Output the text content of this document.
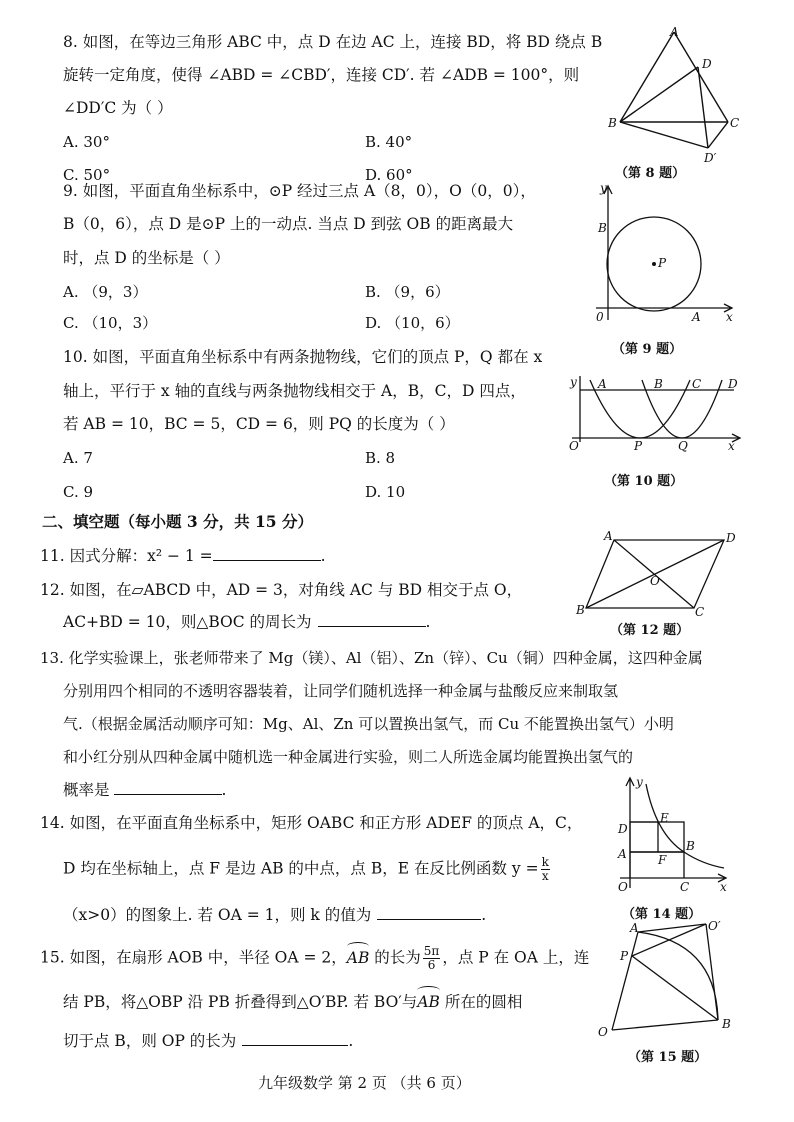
8. 如图，在等边三角形 ABC 中，点 D 在边 AC 上，连接 BD，将 BD 绕点 B
旋转一定角度，使得 ∠ABD = ∠CBD′，连接 CD′. 若 ∠ADB = 100°，则
∠DD′C 为（ ）
A. 30°	B. 40°
C. 50°	D. 60°
A
D
B	C
D′
（第 8 题）
9. 如图，平面直角坐标系中，⊙P 经过三点 A（8，0），O（0，0），
B（0，6），点 D 是⊙P 上的一动点. 当点 D 到弦 OB 的距离最大
时，点 D 的坐标是（ ）
A. （9，3）	B. （9，6）
C. （10，3）	D. （10，6）
y
B
P
0	A x
（第 9 题）
10. 如图，平面直角坐标系中有两条抛物线，它们的顶点 P，Q 都在 x
轴上，平行于 x 轴的直线与两条抛物线相交于 A，B，C，D 四点，
若 AB = 10，BC = 5，CD = 6，则 PQ 的长度为（ ）
A. 7	B. 8
C. 9	D. 10
y A	B C D
O	P	Q	x
（第 10 题）
二、填空题（每小题 3 分，共 15 分）
11. 因式分解：x² − 1 =	.
12. 如图，在▱ABCD 中，AD = 3，对角线 AC 与 BD 相交于点 O，
AC+BD = 10，则△BOC 的周长为	.
A	D
O
B	C
（第 12 题）
13. 化学实验课上，张老师带来了 Mg（镁）、Al（铝）、Zn（锌）、Cu（铜）四种金属，这四种金属
分别用四个相同的不透明容器装着，让同学们随机选择一种金属与盐酸反应来制取氢
气.（根据金属活动顺序可知：Mg、Al、Zn 可以置换出氢气，而 Cu 不能置换出氢气）小明
和小红分别从四种金属中随机选一种金属进行实验，则二人所选金属均能置换出氢气的
概率是	.
14. 如图，在平面直角坐标系中，矩形 OABC 和正方形 ADEF 的顶点 A，C，
D 均在坐标轴上，点 F 是边 AB 的中点，点 B，E 在反比例函数 $y = \frac{k}{x}$
（x>0）的图象上. 若 OA = 1，则 k 的值为	.
y
D
E
A	F
B
O	C	x
（第 14 题）
15. 如图，在扇形 AOB 中，半径 OA = 2，
AB 的长为 $\frac{5\pi}{6}$ ，点 P 在 OA 上，连
结 PB，将△OBP 沿 PB 折叠得到△O′BP. 若 BO′与
AB 所在的圆相
切于点 B，则 OP 的长为	.
A	O′
P
O
B
（第 15 题）
九年级数学 第 2 页 （共 6 页）
